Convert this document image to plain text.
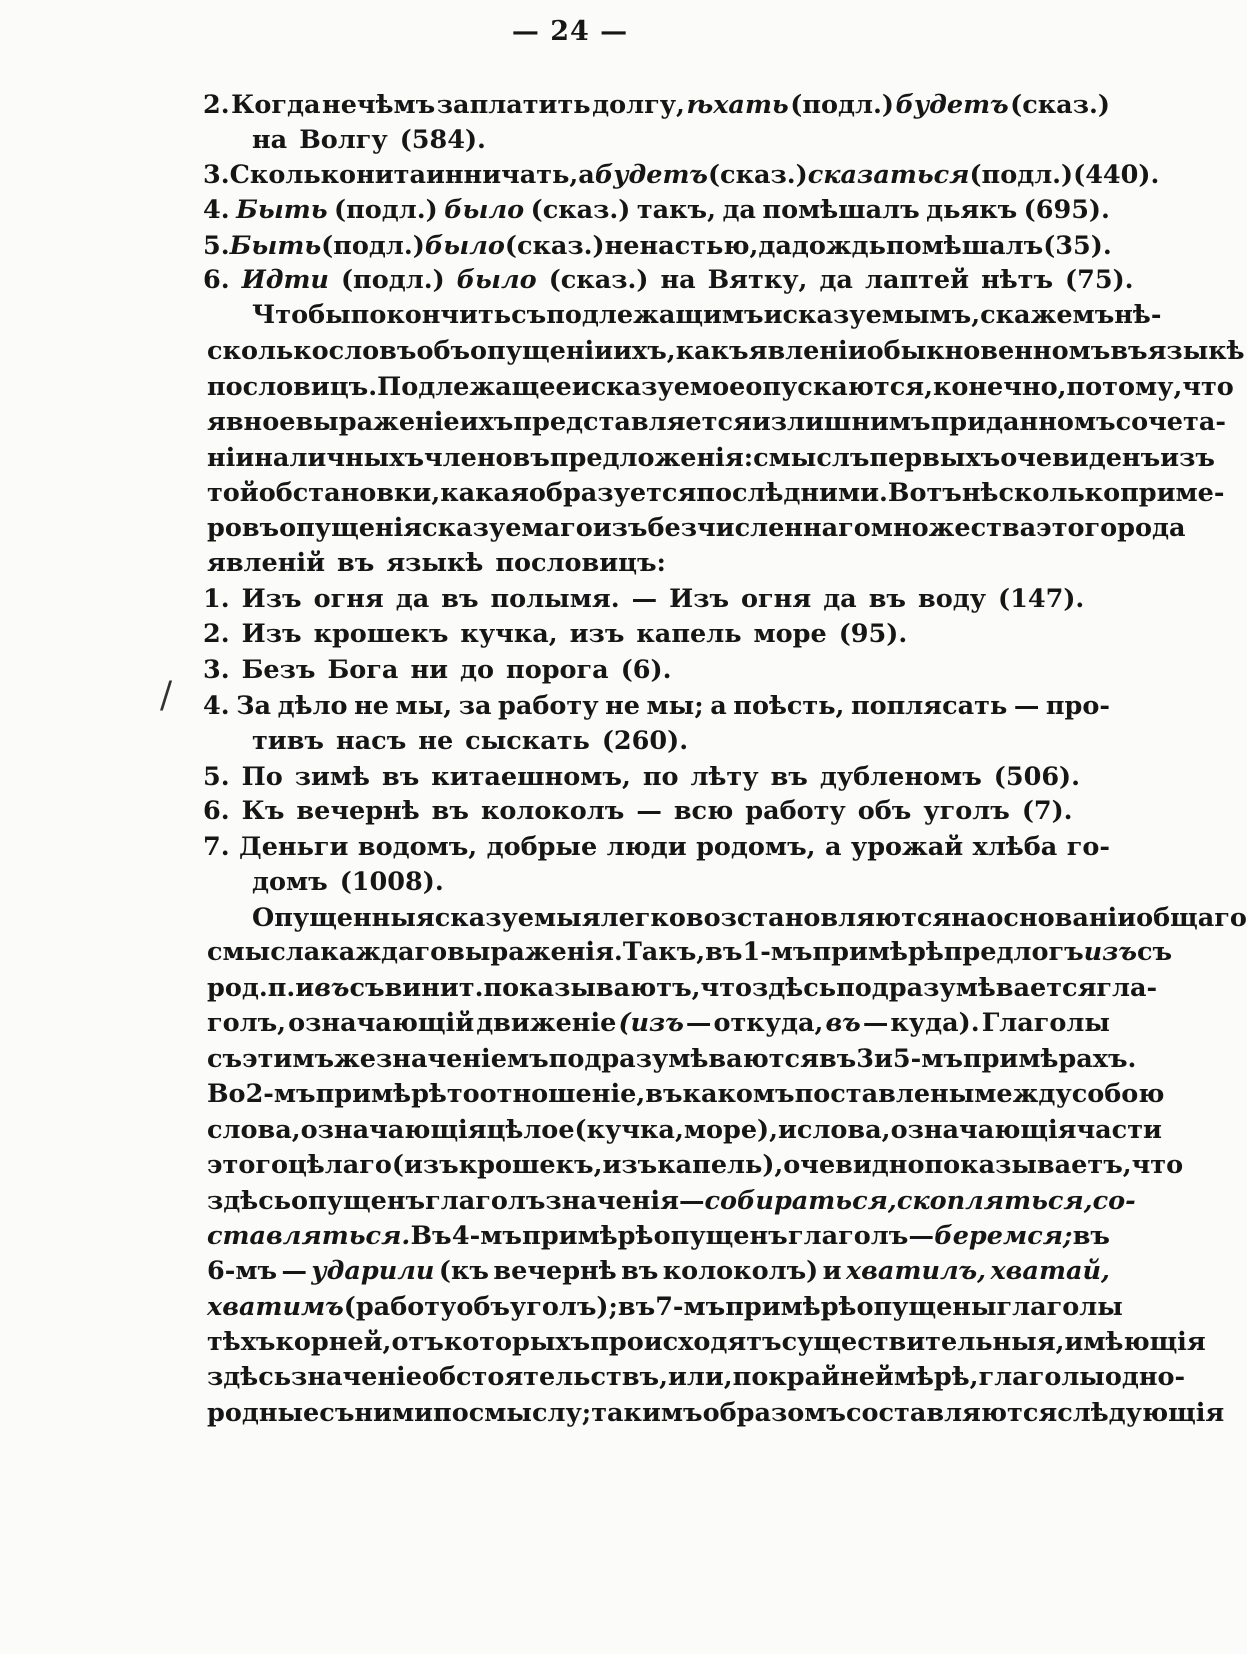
— 24 —
2. Когда нечѣмъ заплатить долгу, ѣхать (подл.) будетъ (сказ.)
на Волгу (584).
3. Сколько ни таинничать, а будетъ (сказ.) сказаться (подл.) (440).
4. Быть (подл.) было (сказ.) такъ, да помѣшалъ дьякъ (695).
5. Быть (подл.) было (сказ.) ненастью, да дождь помѣшалъ (35).
6. Идти (подл.) было (сказ.) на Вятку, да лаптей нѣтъ (75).
Чтобы покончить съ подлежащимъ и сказуемымъ, скажемъ нѣ-
сколько словъ объ опущеніи ихъ, какъ явленіи обыкновенномъ въ языкѣ
пословицъ. Подлежащее и сказуемое опускаются, конечно, потому, что
явное выраженіе ихъ представляется излишнимъ при данномъ сочета-
ніи наличныхъ членовъ предложенія: смыслъ первыхъ очевиденъ изъ
той обстановки, какая образуется послѣдними. Вотъ нѣсколько приме-
ровъ опущенія сказуемаго изъ безчисленнаго множества этого рода
явленій въ языкѣ пословицъ:
1. Изъ огня да въ полымя. — Изъ огня да въ воду (147).
2. Изъ крошекъ кучка, изъ капель море (95).
3. Безъ Бога ни до порога (6).
4. За дѣло не мы, за работу не мы; а поѣсть, поплясать — про-
тивъ насъ не сыскать (260).
5. По зимѣ въ китаешномъ, по лѣту въ дубленомъ (506).
6. Къ вечернѣ въ колоколъ — всю работу объ уголъ (7).
7. Деньги водомъ, добрые люди родомъ, а урожай хлѣба го-
домъ (1008).
Опущенныя сказуемыя легко возстановляются на основаніи общаго
смысла каждаго выраженія. Такъ, въ 1-мъ примѣрѣ предлогъ изъ съ
род. п. и въ съ винит. показываютъ, что здѣсь подразумѣвается гла-
голъ, означающій движеніе (изъ — откуда, въ — куда). Глаголы
съ этимъ же значеніемъ подразумѣваются въ 3 и 5-мъ примѣрахъ.
Во 2-мъ примѣрѣ то отношеніе, въ какомъ поставлены между собою
слова, означающія цѣлое (кучка, море), и слова, означающія части
этого цѣлаго (изъ крошекъ, изъ капель), очевидно показываетъ, что
здѣсь опущенъ глаголъ значенія — собираться, скопляться, со-
ставляться. Въ 4-мъ примѣрѣ опущенъ глаголъ — беремся; въ
6-мъ — ударили (къ вечернѣ въ колоколъ) и хватилъ, хватай,
хватимъ (работу объ уголъ); въ 7-мъ примѣрѣ опущены глаголы
тѣхъ корней, отъ которыхъ происходятъ существительныя, имѣющія
здѣсь значеніе обстоятельствъ, или, по крайней мѣрѣ, глаголы одно-
родные съ ними по смыслу; такимъ образомъ составляются слѣдующія
/
